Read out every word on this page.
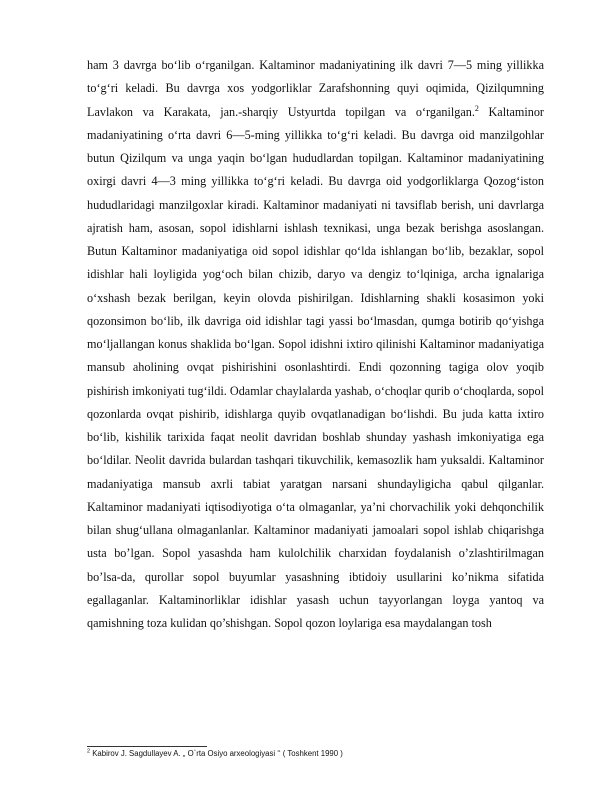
ham 3 davrga bo‘lib o‘rganilgan. Kaltaminor madaniyatining ilk davri 7—5 ming yillikka to‘g‘ri keladi. Bu davrga xos yodgorliklar Zarafshonning quyi oqimida, Qizilqumning Lavlakon va Karakata, jan.-sharqiy Ustyurtda topilgan va o‘rganilgan.$^2$ Kaltaminor madaniyatining o‘rta davri 6—5-ming yillikka to‘g‘ri keladi. Bu davrga oid manzilgohlar butun Qizilqum va unga yaqin bo‘lgan hududlardan topilgan. Kaltaminor madaniyatining oxirgi davri 4—3 ming yillikka to‘g‘ri keladi. Bu davrga oid yodgorliklarga Qozog‘iston hududlaridagi manzilgoxlar kiradi. Kaltaminor madaniyati ni tavsiflab berish, uni davrlarga ajratish ham, asosan, sopol idishlarni ishlash texnikasi, unga bezak berishga asoslangan. Butun Kaltaminor madaniyatiga oid sopol idishlar qo‘lda ishlangan bo‘lib, bezaklar, sopol idishlar hali loyligida yog‘och bilan chizib, daryo va dengiz to‘lqiniga, archa ignalariga o‘xshash bezak berilgan, keyin olovda pishirilgan. Idishlarning shakli kosasimon yoki qozonsimon bo‘lib, ilk davriga oid idishlar tagi yassi bo‘lmasdan, qumga botirib qo‘yishga mo‘ljallangan konus shaklida bo‘lgan. Sopol idishni ixtiro qilinishi Kaltaminor madaniyatiga mansub aholining ovqat pishirishini osonlashtirdi. Endi qozonning tagiga olov yoqib pishirish imkoniyati tug‘ildi. Odamlar chaylalarda yashab, o‘choqlar qurib o‘choqlarda, sopol qozonlarda ovqat pishirib, idishlarga quyib ovqatlanadigan bo‘lishdi. Bu juda katta ixtiro bo‘lib, kishilik tarixida faqat neolit davridan boshlab shunday yashash imkoniyatiga ega bo‘ldilar. Neolit davrida bulardan tashqari tikuvchilik, kemasozlik ham yuksaldi. Kaltaminor madaniyatiga mansub axrli tabiat yaratgan narsani shundayligicha qabul qilganlar. Kaltaminor madaniyati iqtisodiyotiga o‘ta olmaganlar, ya’ni chorvachilik yoki dehqonchilik bilan shug‘ullana olmaganlanlar. Kaltaminor madaniyati jamoalari sopol ishlab chiqarishga usta bo’lgan. Sopol yasashda ham kulolchilik charxidan foydalanish o’zlashtirilmagan bo’lsa-da, qurollar sopol buyumlar yasashning ibtidoiy usullarini ko’nikma sifatida egallaganlar. Kaltaminorliklar idishlar yasash uchun tayyorlangan loyga yantoq va qamishning toza kulidan qo’shishgan. Sopol qozon loylariga esa maydalangan tosh

$^2$ Kabirov J. Sagdullayev A. „ O`rta Osiyo arxeologiyasi ‘‘ ( Toshkent 1990 )
